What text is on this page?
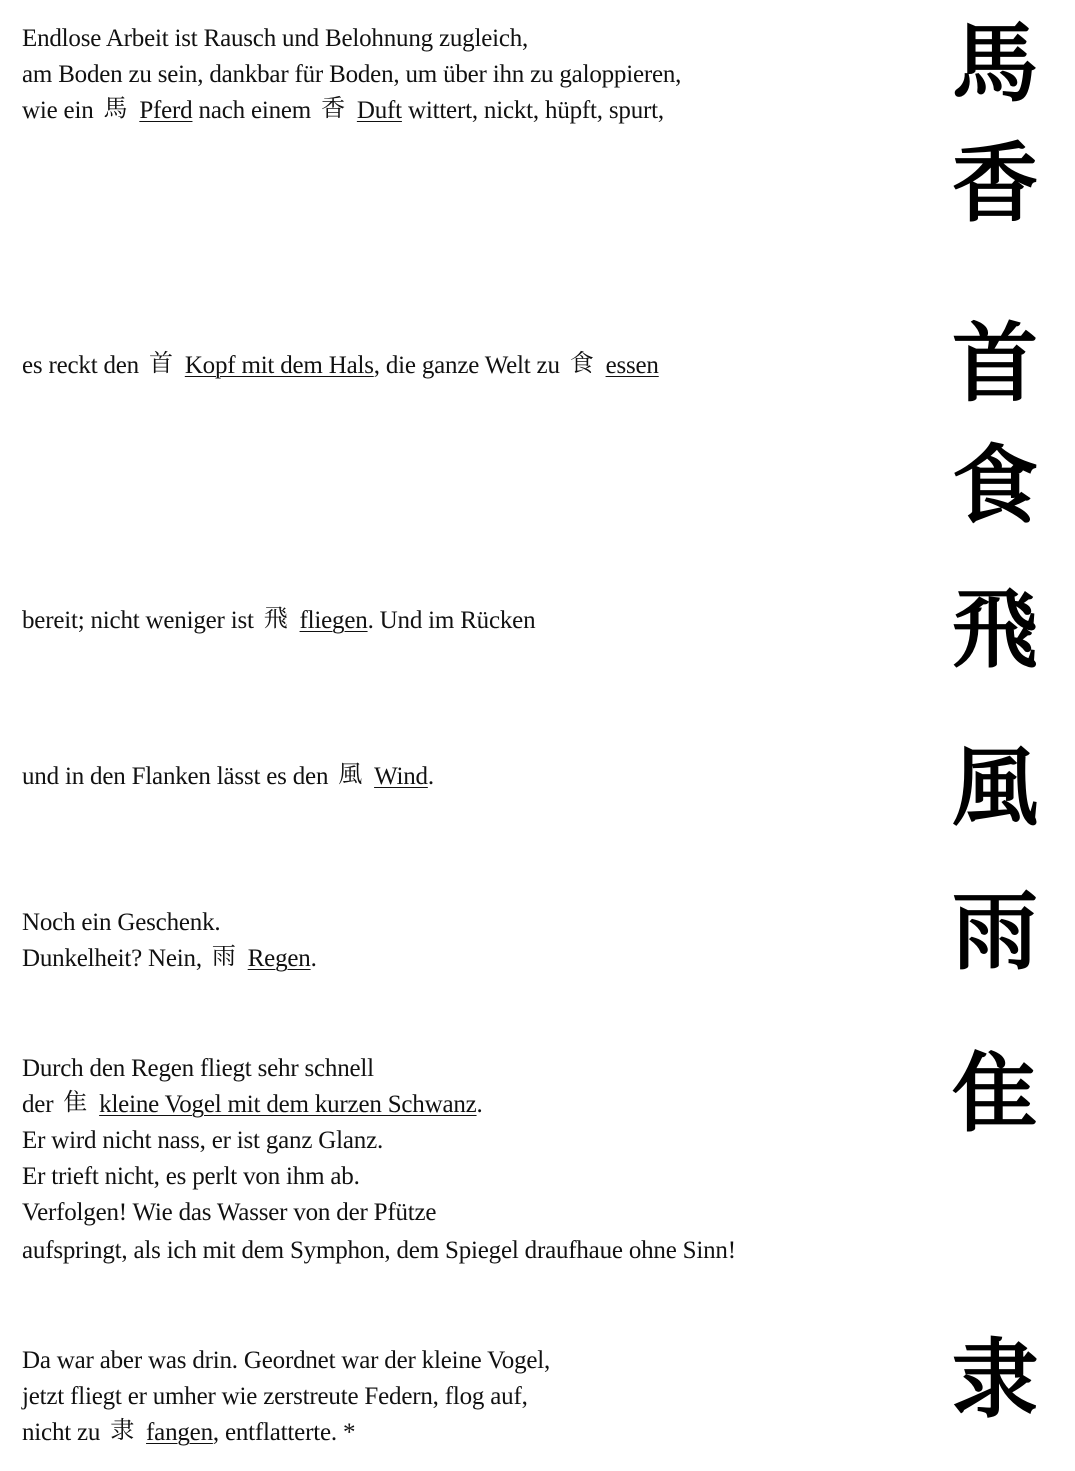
Endlose Arbeit ist Rausch und Belohnung zugleich,
am Boden zu sein, dankbar für Boden, um über ihn zu galoppieren,
wie ein 馬 Pferd nach einem 香 Duft wittert, nickt, hüpft, spurt,
es reckt den 首 Kopf mit dem Hals, die ganze Welt zu 食 essen
bereit; nicht weniger ist 飛 fliegen. Und im Rücken
und in den Flanken lässt es den 風 Wind.
Noch ein Geschenk.
Dunkelheit? Nein, 雨 Regen.
Durch den Regen fliegt sehr schnell
der 隹 kleine Vogel mit dem kurzen Schwanz.
Er wird nicht nass, er ist ganz Glanz.
Er trieft nicht, es perlt von ihm ab.
Verfolgen! Wie das Wasser von der Pfütze
aufspringt, als ich mit dem Symphon, dem Spiegel draufhaue ohne Sinn!
Da war aber was drin. Geordnet war der kleine Vogel,
jetzt fliegt er umher wie zerstreute Federn, flog auf,
nicht zu 隶 fangen, entflatterte. *
馬
香
首
食
飛
風
雨
隹
隶
